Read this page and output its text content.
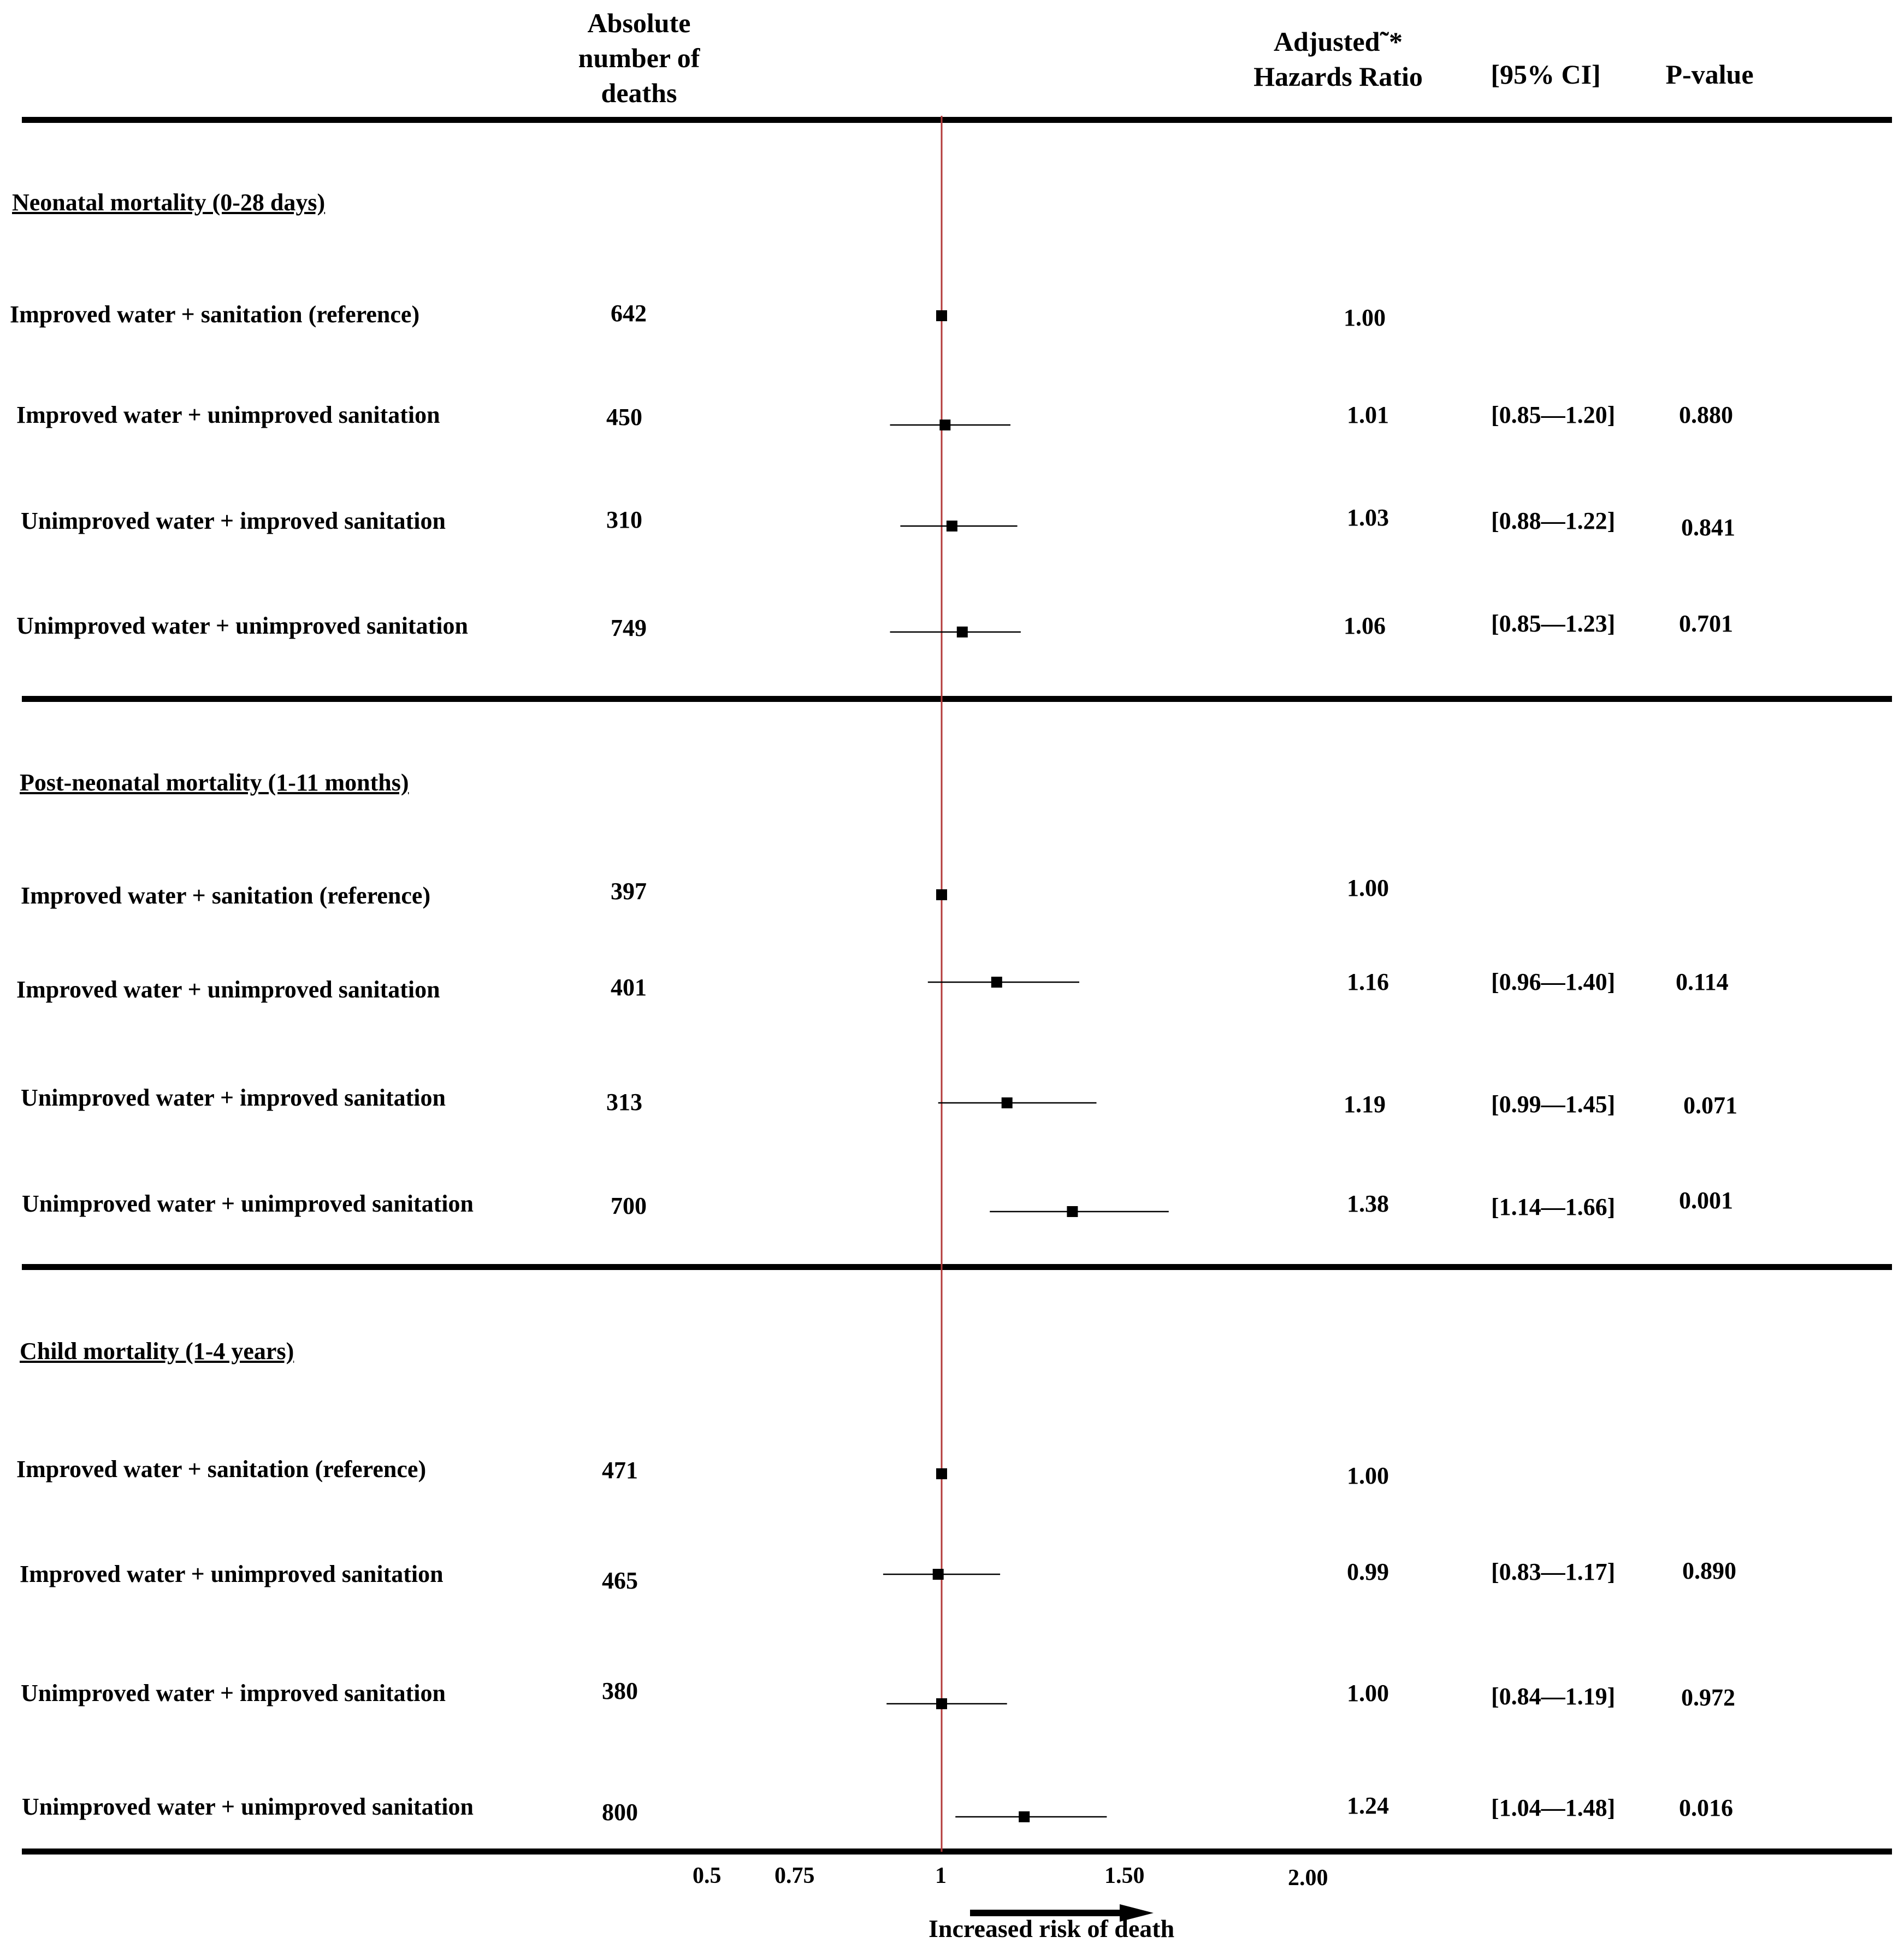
Absolute
number of
deaths
Adjusted˜*
Hazards Ratio	[95% CI]	P-value
Neonatal mortality (0-28 days)
Post-neonatal mortality (1-11 months)
Child mortality (1-4 years)
Improved water + sanitation (reference)	642	1.00
Improved water + unimproved sanitation	450	1.01	[0.85—1.20]	0.880
Unimproved water + improved sanitation	310	1.03	[0.88—1.22]	0.841
Unimproved water + unimproved sanitation	749	1.06	[0.85—1.23]	0.701
Improved water + sanitation (reference)	397	1.00
Improved water + unimproved sanitation	401	1.16	[0.96—1.40]	0.114
Unimproved water + improved sanitation	313	1.19	[0.99—1.45]	0.071
Unimproved water + unimproved sanitation	700	1.38	[1.14—1.66]	0.001
Improved water + sanitation (reference)	471	1.00
Improved water + unimproved sanitation	465	0.99	[0.83—1.17]	0.890
Unimproved water + improved sanitation	380	1.00	[0.84—1.19]	0.972
Unimproved water + unimproved sanitation	800	1.24	[1.04—1.48]	0.016
0.5 0.75	1	1.50	2.00
Increased risk of death
